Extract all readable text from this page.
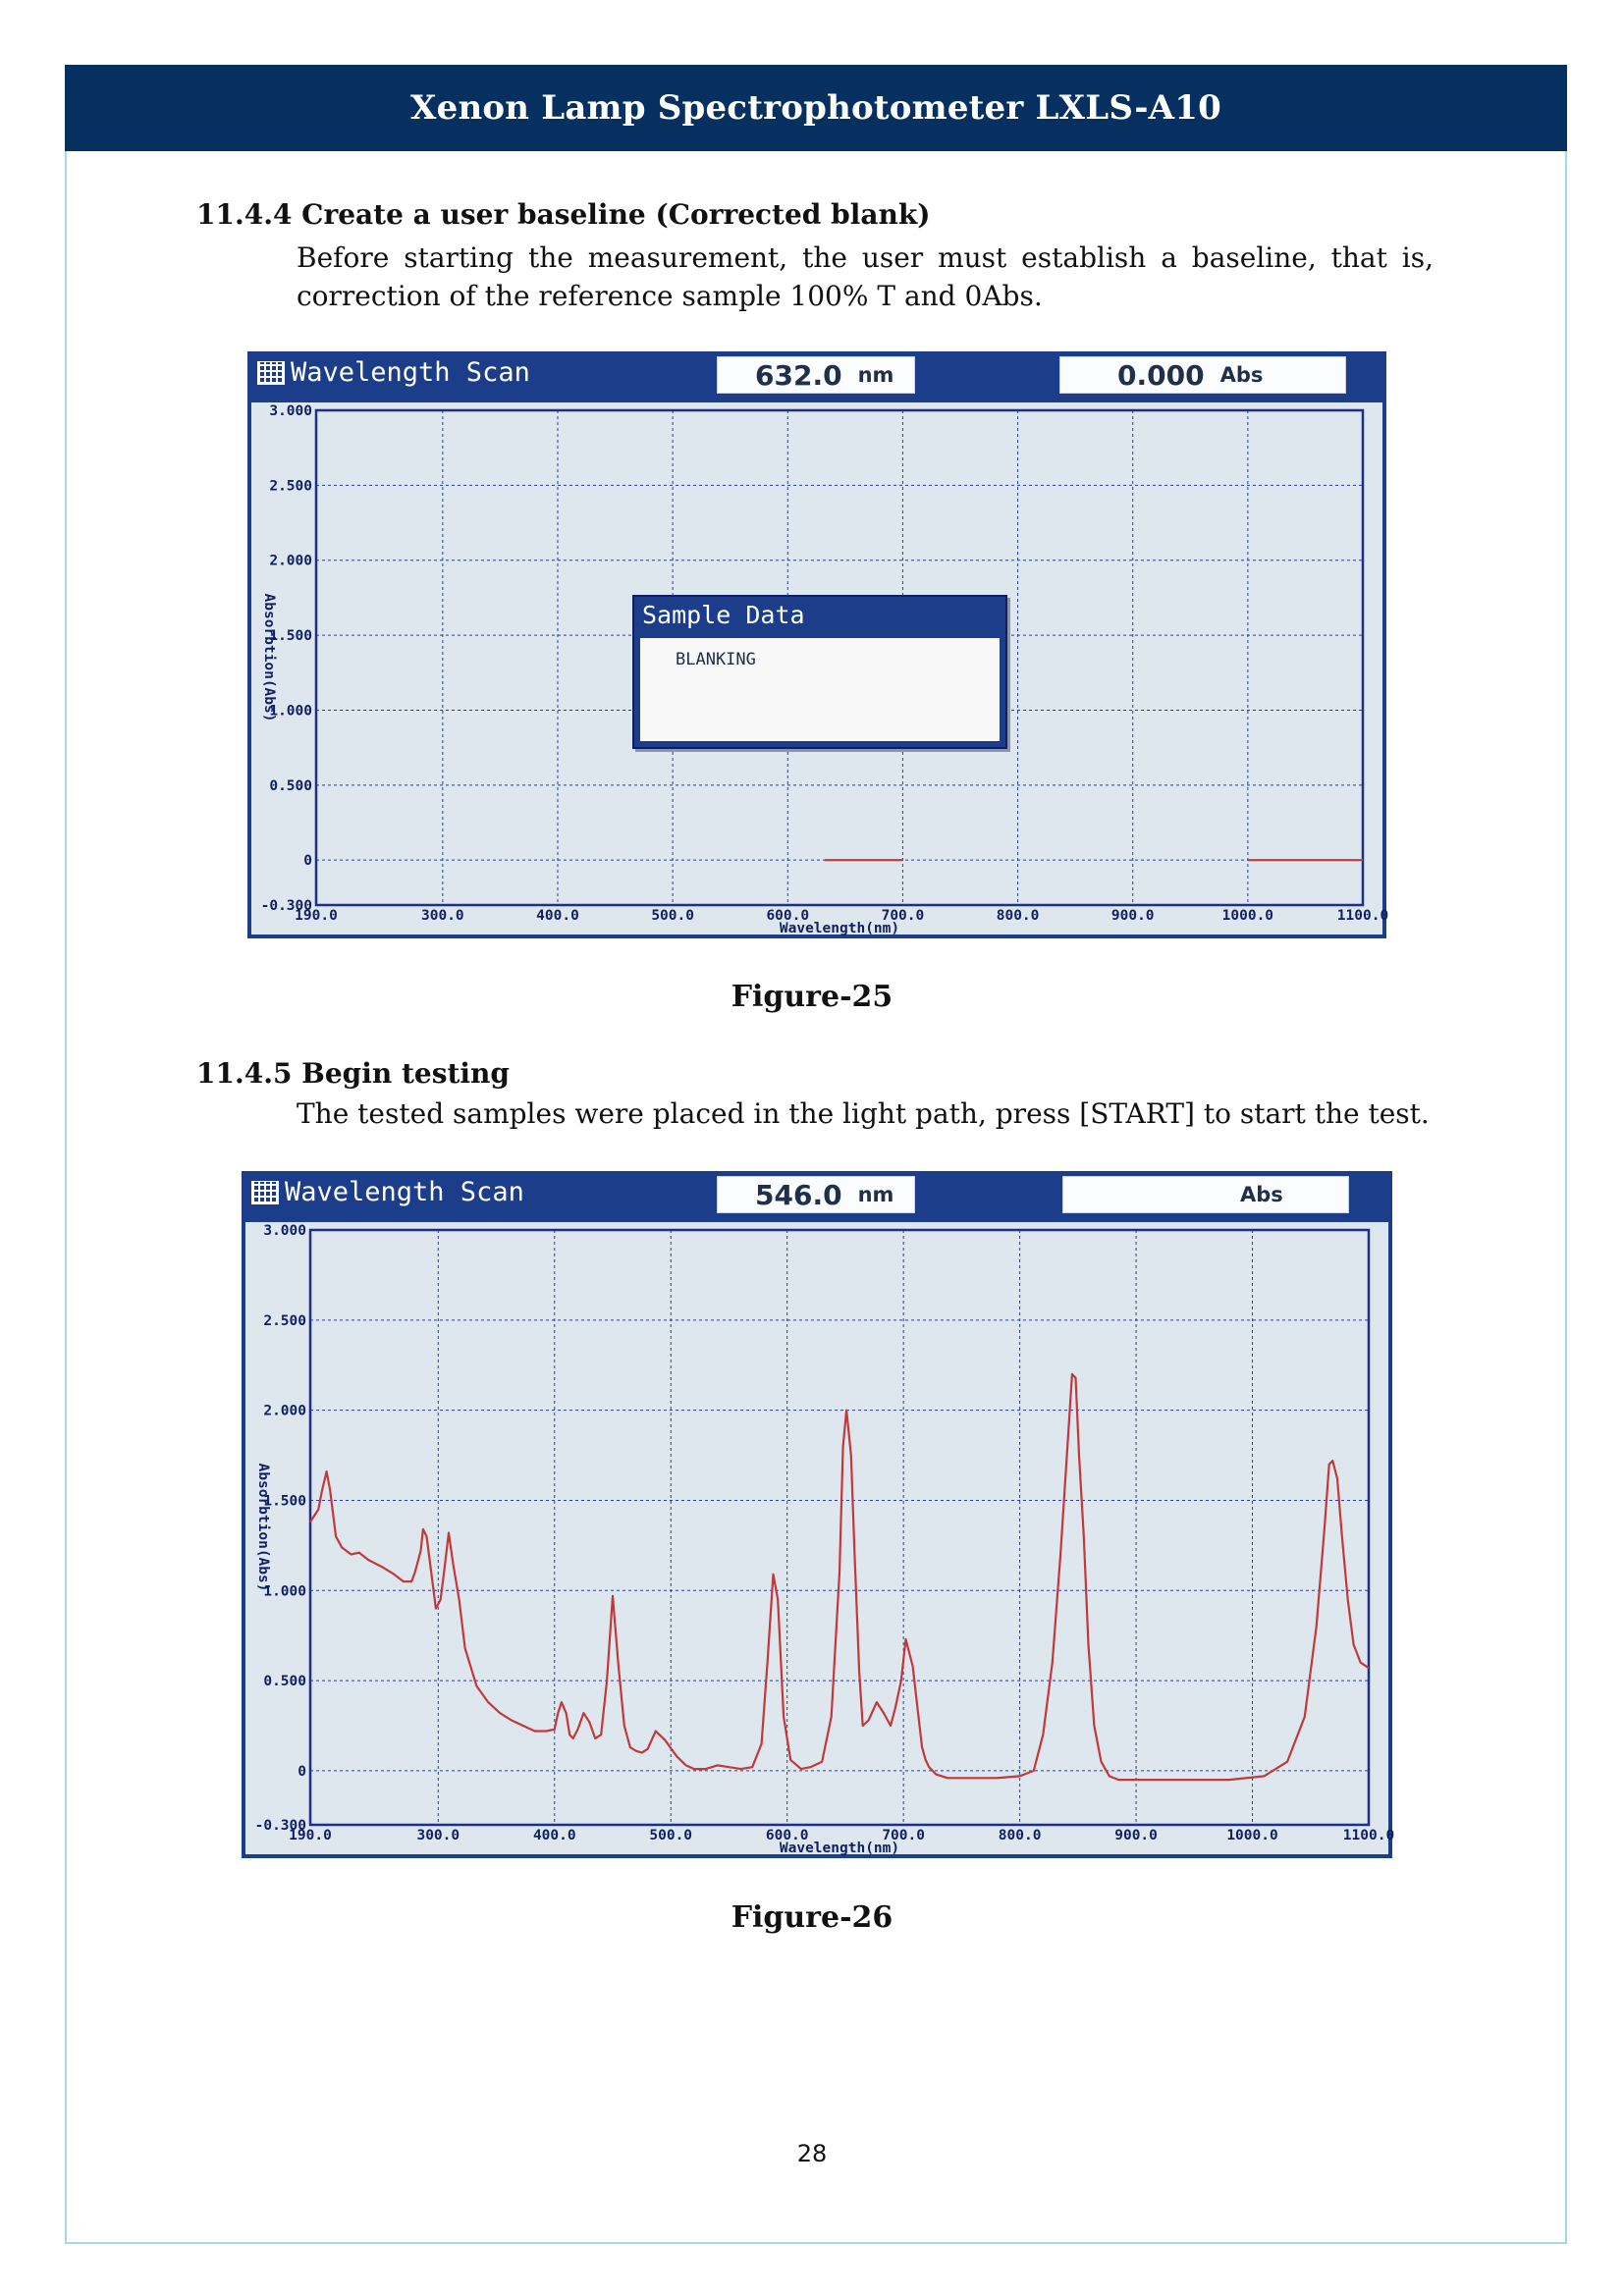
Xenon Lamp Spectrophotometer LXLS-A10
11.4.4 Create a user baseline (Corrected blank)
Before starting the measurement, the user must establish a baseline, that is, correction of the reference sample 100% T and 0Abs.
Wavelength Scan	632.0 nm	0.000 Abs
3.000
2.500
2.000
1.500
1.000
0.500
0
-0.300
190.0	300.0	400.0	500.0	600.0	700.0	800.0	900.0	1000.0	1100.0
Wavelength(nm)
Absorbtion(Abs)	Sample Data
BLANKING
Figure-25
11.4.5 Begin testing
The tested samples were placed in the light path, press [START] to start the test.
Wavelength Scan	546.0 nm	Abs
3.000
2.500
2.000
1.500
1.000
0.500
0
-0.300
190.0	300.0	400.0	500.0	600.0	700.0	800.0	900.0	1000.0	1100.0
Wavelength(nm)
Absorbtion(Abs)
Figure-26
28
